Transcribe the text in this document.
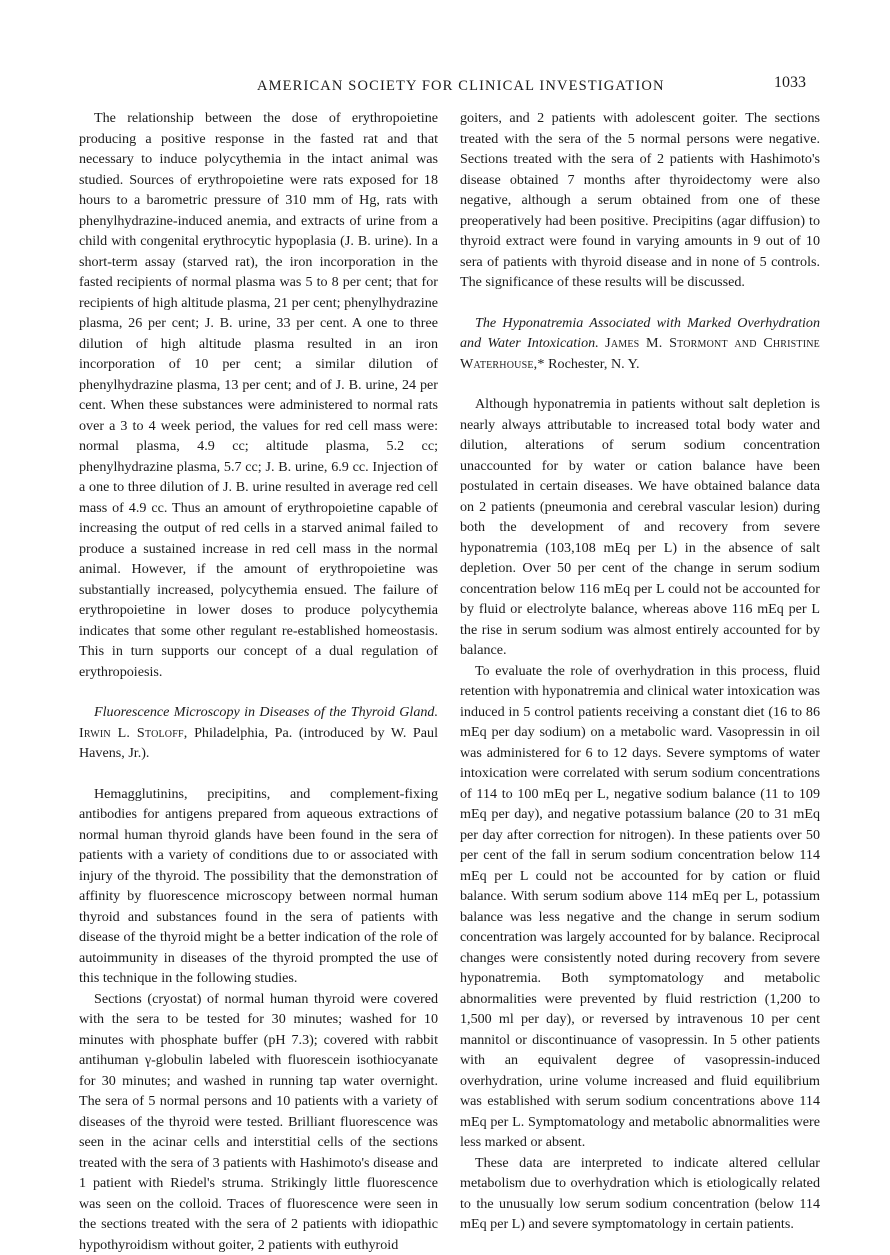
AMERICAN SOCIETY FOR CLINICAL INVESTIGATION	1033

The relationship between the dose of erythropoietine producing a positive response in the fasted rat and that necessary to induce polycythemia in the intact animal was studied. Sources of erythropoietine were rats exposed for 18 hours to a barometric pressure of 310 mm of Hg, rats with phenylhydrazine-induced anemia, and extracts of urine from a child with congenital erythrocytic hypoplasia (J. B. urine). In a short-term assay (starved rat), the iron incorporation in the fasted recipients of normal plasma was 5 to 8 per cent; that for recipients of high altitude plasma, 21 per cent; phenylhydrazine plasma, 26 per cent; J. B. urine, 33 per cent. A one to three dilution of high altitude plasma resulted in an iron incorporation of 10 per cent; a similar dilution of phenylhydrazine plasma, 13 per cent; and of J. B. urine, 24 per cent. When these substances were administered to normal rats over a 3 to 4 week period, the values for red cell mass were: normal plasma, 4.9 cc; altitude plasma, 5.2 cc; phenylhydrazine plasma, 5.7 cc; J. B. urine, 6.9 cc. Injection of a one to three dilution of J. B. urine resulted in average red cell mass of 4.9 cc. Thus an amount of erythropoietine capable of increasing the output of red cells in a starved animal failed to produce a sustained increase in red cell mass in the normal animal. However, if the amount of erythropoietine was substantially increased, polycythemia ensued. The failure of erythropoietine in lower doses to produce polycythemia indicates that some other regulant re-established homeostasis. This in turn supports our concept of a dual regulation of erythropoiesis.

Fluorescence Microscopy in Diseases of the Thyroid Gland. Irwin L. Stoloff, Philadelphia, Pa. (introduced by W. Paul Havens, Jr.).

Hemagglutinins, precipitins, and complement-fixing antibodies for antigens prepared from aqueous extractions of normal human thyroid glands have been found in the sera of patients with a variety of conditions due to or associated with injury of the thyroid. The possibility that the demonstration of affinity by fluorescence microscopy between normal human thyroid and substances found in the sera of patients with disease of the thyroid might be a better indication of the role of autoimmunity in diseases of the thyroid prompted the use of this technique in the following studies.

Sections (cryostat) of normal human thyroid were covered with the sera to be tested for 30 minutes; washed for 10 minutes with phosphate buffer (pH 7.3); covered with rabbit antihuman γ-globulin labeled with fluorescein isothiocyanate for 30 minutes; and washed in running tap water overnight. The sera of 5 normal persons and 10 patients with a variety of diseases of the thyroid were tested. Brilliant fluorescence was seen in the acinar cells and interstitial cells of the sections treated with the sera of 3 patients with Hashimoto's disease and 1 patient with Riedel's struma. Strikingly little fluorescence was seen on the colloid. Traces of fluorescence were seen in the sections treated with the sera of 2 patients with idiopathic hypothyroidism without goiter, 2 patients with euthyroid

goiters, and 2 patients with adolescent goiter. The sections treated with the sera of the 5 normal persons were negative. Sections treated with the sera of 2 patients with Hashimoto's disease obtained 7 months after thyroidectomy were also negative, although a serum obtained from one of these preoperatively had been positive. Precipitins (agar diffusion) to thyroid extract were found in varying amounts in 9 out of 10 sera of patients with thyroid disease and in none of 5 controls. The significance of these results will be discussed.

The Hyponatremia Associated with Marked Overhydration and Water Intoxication. James M. Stormont and Christine Waterhouse,* Rochester, N. Y.

Although hyponatremia in patients without salt depletion is nearly always attributable to increased total body water and dilution, alterations of serum sodium concentration unaccounted for by water or cation balance have been postulated in certain diseases. We have obtained balance data on 2 patients (pneumonia and cerebral vascular lesion) during both the development of and recovery from severe hyponatremia (103,108 mEq per L) in the absence of salt depletion. Over 50 per cent of the change in serum sodium concentration below 116 mEq per L could not be accounted for by fluid or electrolyte balance, whereas above 116 mEq per L the rise in serum sodium was almost entirely accounted for by balance.

To evaluate the role of overhydration in this process, fluid retention with hyponatremia and clinical water intoxication was induced in 5 control patients receiving a constant diet (16 to 86 mEq per day sodium) on a metabolic ward. Vasopressin in oil was administered for 6 to 12 days. Severe symptoms of water intoxication were correlated with serum sodium concentrations of 114 to 100 mEq per L, negative sodium balance (11 to 109 mEq per day), and negative potassium balance (20 to 31 mEq per day after correction for nitrogen). In these patients over 50 per cent of the fall in serum sodium concentration below 114 mEq per L could not be accounted for by cation or fluid balance. With serum sodium above 114 mEq per L, potassium balance was less negative and the change in serum sodium concentration was largely accounted for by balance. Reciprocal changes were consistently noted during recovery from severe hyponatremia. Both symptomatology and metabolic abnormalities were prevented by fluid restriction (1,200 to 1,500 ml per day), or reversed by intravenous 10 per cent mannitol or discontinuance of vasopressin. In 5 other patients with an equivalent degree of vasopressin-induced overhydration, urine volume increased and fluid equilibrium was established with serum sodium concentrations above 114 mEq per L. Symptomatology and metabolic abnormalities were less marked or absent.

These data are interpreted to indicate altered cellular metabolism due to overhydration which is etiologically related to the unusually low serum sodium concentration (below 114 mEq per L) and severe symptomatology in certain patients.
